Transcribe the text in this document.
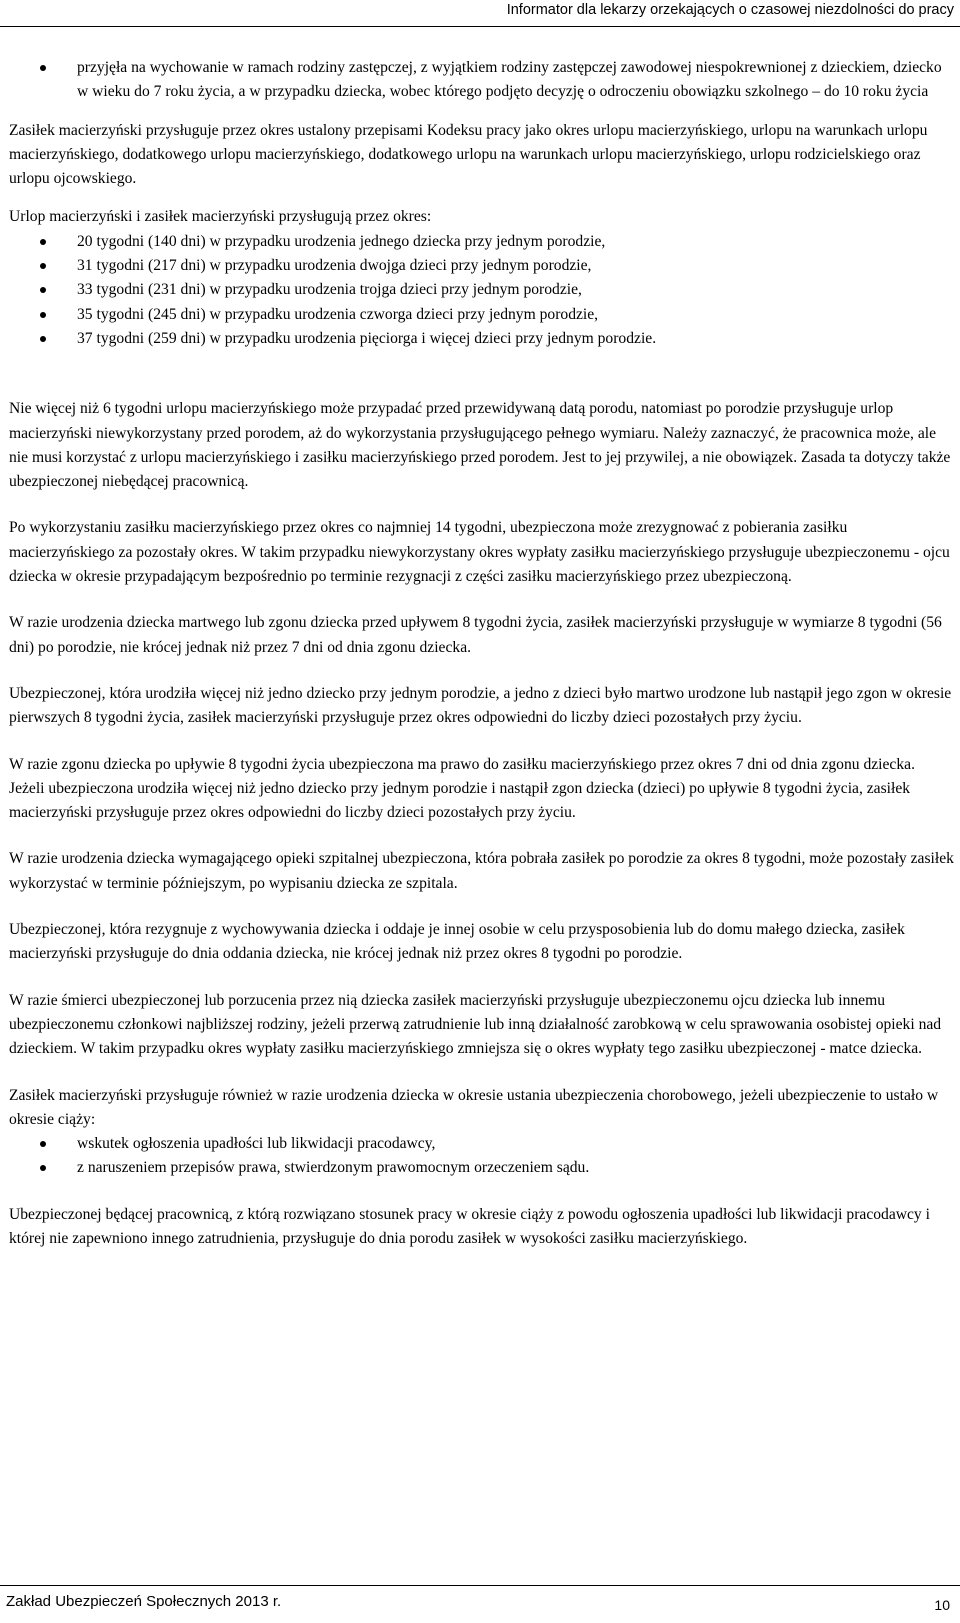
Informator dla lekarzy orzekających o czasowej niezdolności do pracy
przyjęła na wychowanie w ramach rodziny zastępczej, z wyjątkiem rodziny zastępczej zawodowej niespokrewnionej z dzieckiem, dziecko w wieku do 7 roku życia, a w przypadku dziecka, wobec którego podjęto decyzję o odroczeniu obowiązku szkolnego – do 10 roku życia

Zasiłek macierzyński przysługuje przez okres ustalony przepisami Kodeksu pracy jako okres urlopu macierzyńskiego, urlopu na warunkach urlopu macierzyńskiego, dodatkowego urlopu macierzyńskiego, dodatkowego urlopu na warunkach urlopu macierzyńskiego, urlopu rodzicielskiego oraz urlopu ojcowskiego.

Urlop macierzyński i zasiłek macierzyński przysługują przez okres:

20 tygodni (140 dni) w przypadku urodzenia jednego dziecka przy jednym porodzie,
31 tygodni (217 dni) w przypadku urodzenia dwojga dzieci przy jednym porodzie,
33 tygodni (231 dni) w przypadku urodzenia trojga dzieci przy jednym porodzie,
35 tygodni (245 dni) w przypadku urodzenia czworga dzieci przy jednym porodzie,
37 tygodni (259 dni) w przypadku urodzenia pięciorga i więcej dzieci przy jednym porodzie.

Nie więcej niż 6 tygodni urlopu macierzyńskiego może przypadać przed przewidywaną datą porodu, natomiast po porodzie przysługuje urlop macierzyński niewykorzystany przed porodem, aż do wykorzystania przysługującego pełnego wymiaru. Należy zaznaczyć, że pracownica może, ale nie musi korzystać z urlopu macierzyńskiego i zasiłku macierzyńskiego przed porodem. Jest to jej przywilej, a nie obowiązek. Zasada ta dotyczy także ubezpieczonej niebędącej pracownicą.

Po wykorzystaniu zasiłku macierzyńskiego przez okres co najmniej 14 tygodni, ubezpieczona może zrezygnować z pobierania zasiłku macierzyńskiego za pozostały okres. W takim przypadku niewykorzystany okres wypłaty zasiłku macierzyńskiego przysługuje ubezpieczonemu - ojcu dziecka w okresie przypadającym bezpośrednio po terminie rezygnacji z części zasiłku macierzyńskiego przez ubezpieczoną.

W razie urodzenia dziecka martwego lub zgonu dziecka przed upływem 8 tygodni życia, zasiłek macierzyński przysługuje w wymiarze 8 tygodni (56 dni) po porodzie, nie krócej jednak niż przez 7 dni od dnia zgonu dziecka.

Ubezpieczonej, która urodziła więcej niż jedno dziecko przy jednym porodzie, a jedno z dzieci było martwo urodzone lub nastąpił jego zgon w okresie pierwszych 8 tygodni życia, zasiłek macierzyński przysługuje przez okres odpowiedni do liczby dzieci pozostałych przy życiu.

W razie zgonu dziecka po upływie 8 tygodni życia ubezpieczona ma prawo do zasiłku macierzyńskiego przez okres 7 dni od dnia zgonu dziecka. Jeżeli ubezpieczona urodziła więcej niż jedno dziecko przy jednym porodzie i nastąpił zgon dziecka (dzieci) po upływie 8 tygodni życia, zasiłek macierzyński przysługuje przez okres odpowiedni do liczby dzieci pozostałych przy życiu.

W razie urodzenia dziecka wymagającego opieki szpitalnej ubezpieczona, która pobrała zasiłek po porodzie za okres 8 tygodni, może pozostały zasiłek wykorzystać w terminie późniejszym, po wypisaniu dziecka ze szpitala.

Ubezpieczonej, która rezygnuje z wychowywania dziecka i oddaje je innej osobie w celu przysposobienia lub do domu małego dziecka, zasiłek macierzyński przysługuje do dnia oddania dziecka, nie krócej jednak niż przez okres 8 tygodni po porodzie.

W razie śmierci ubezpieczonej lub porzucenia przez nią dziecka zasiłek macierzyński przysługuje ubezpieczonemu ojcu dziecka lub innemu ubezpieczonemu członkowi najbliższej rodziny, jeżeli przerwą zatrudnienie lub inną działalność zarobkową w celu sprawowania osobistej opieki nad dzieckiem. W takim przypadku okres wypłaty zasiłku macierzyńskiego zmniejsza się o okres wypłaty tego zasiłku ubezpieczonej - matce dziecka.

Zasiłek macierzyński przysługuje również w razie urodzenia dziecka w okresie ustania ubezpieczenia chorobowego, jeżeli ubezpieczenie to ustało w okresie ciąży:

wskutek ogłoszenia upadłości lub likwidacji pracodawcy,
z naruszeniem przepisów prawa, stwierdzonym prawomocnym orzeczeniem sądu.

Ubezpieczonej będącej pracownicą, z którą rozwiązano stosunek pracy w okresie ciąży z powodu ogłoszenia upadłości lub likwidacji pracodawcy i której nie zapewniono innego zatrudnienia, przysługuje do dnia porodu zasiłek w wysokości zasiłku macierzyńskiego.

Zakład Ubezpieczeń Społecznych 2013 r.	10
